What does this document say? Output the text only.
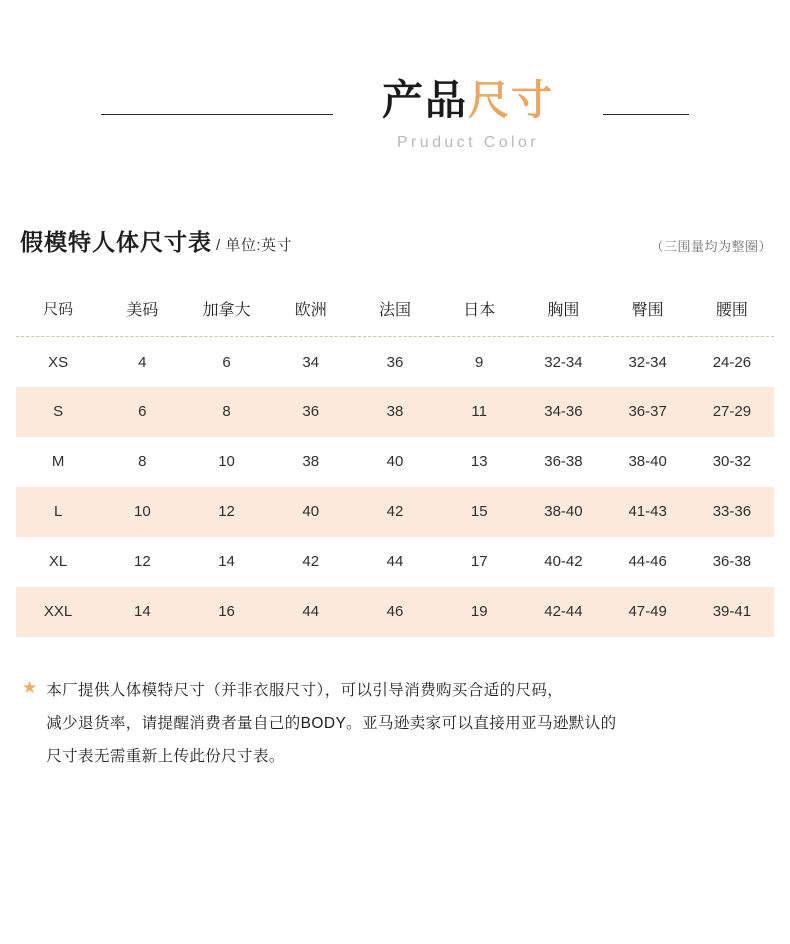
产品尺寸
Pruduct Color
假模特人体尺寸表 / 单位:英寸	（三围量均为整圈）
尺码	美码	加拿大	欧洲	法国	日本	胸围	臀围	腰围
XS	4	6	34	36	9	32-34	32-34	24-26
S	6	8	36	38	11	34-36	36-37	27-29
M	8	10	38	40	13	36-38	38-40	30-32
L	10	12	40	42	15	38-40	41-43	33-36
XL	12	14	42	44	17	40-42	44-46	36-38
XXL	14	16	44	46	19	42-44	47-49	39-41
★ 本厂提供人体模特尺寸（并非衣服尺寸），可以引导消费购买合适的尺码，

减少退货率，请提醒消费者量自己的BODY。亚马逊卖家可以直接用亚马逊默认的

尺寸表无需重新上传此份尺寸表。
